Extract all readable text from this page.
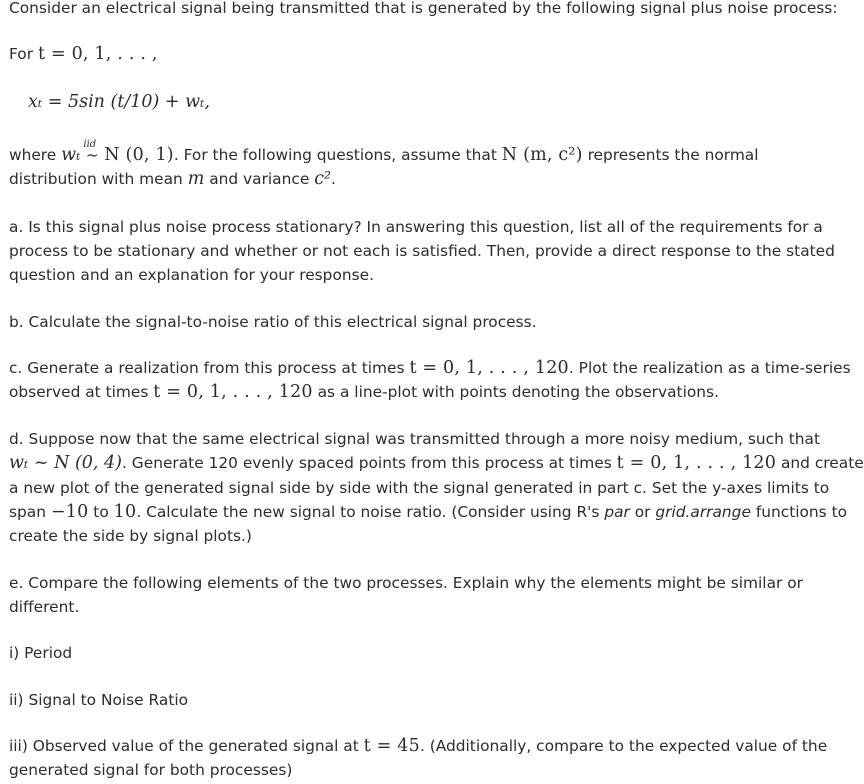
Consider an electrical signal being transmitted that is generated by the following signal plus noise process:
For t = 0, 1, . . . ,
xₜ = 5sin (t/10) + wₜ,
where wₜ
iid
~ N (0, 1). For the following questions, assume that N (m, c²) represents the normal
distribution with mean m and variance c².
a. Is this signal plus noise process stationary? In answering this question, list all of the requirements for a
process to be stationary and whether or not each is satisfied. Then, provide a direct response to the stated
question and an explanation for your response.
b. Calculate the signal-to-noise ratio of this electrical signal process.
c. Generate a realization from this process at times t = 0, 1, . . . , 120. Plot the realization as a time-series
observed at times t = 0, 1, . . . , 120 as a line-plot with points denoting the observations.
d. Suppose now that the same electrical signal was transmitted through a more noisy medium, such that
wₜ ~ N (0, 4). Generate 120 evenly spaced points from this process at times t = 0, 1, . . . , 120 and create
a new plot of the generated signal side by side with the signal generated in part c. Set the y-axes limits to
span −10 to 10. Calculate the new signal to noise ratio. (Consider using R's par or grid.arrange functions to
create the side by signal plots.)
e. Compare the following elements of the two processes. Explain why the elements might be similar or
different.
i) Period
ii) Signal to Noise Ratio
iii) Observed value of the generated signal at t = 45. (Additionally, compare to the expected value of the
generated signal for both processes)
